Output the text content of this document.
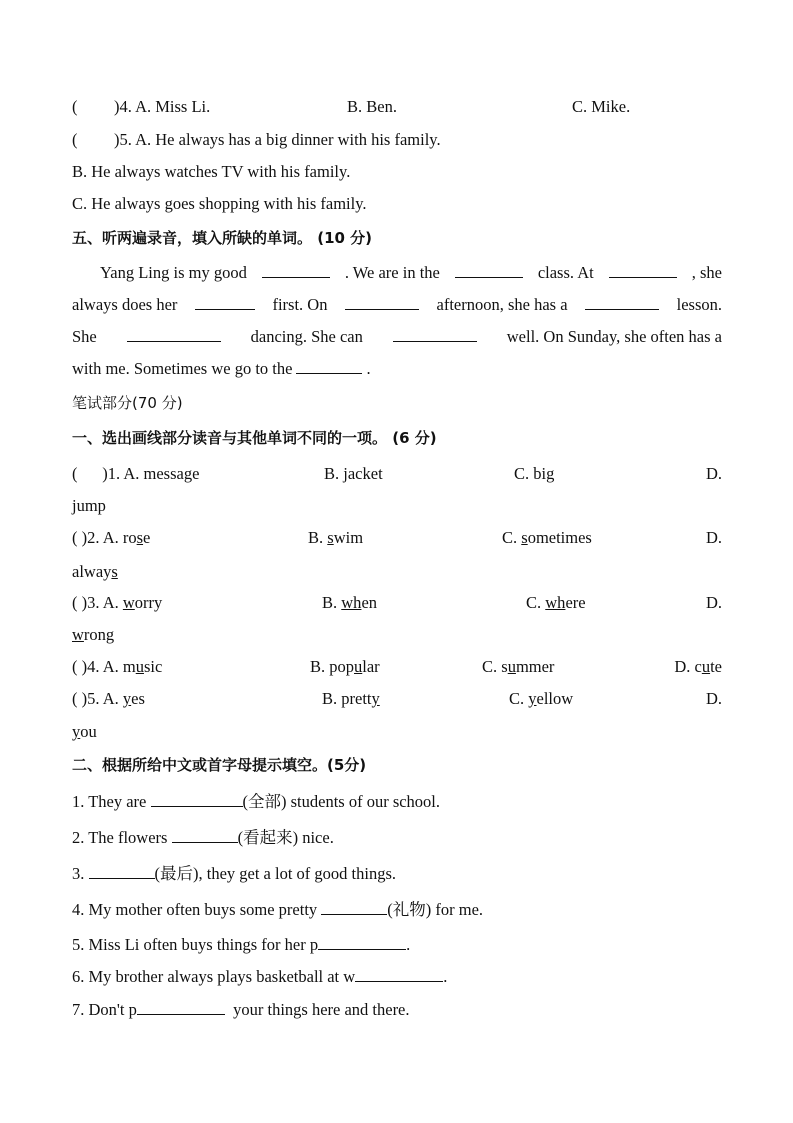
( )4. A. Miss Li.	B. Ben.	C. Mike.
( )5. A. He always has a big dinner with his family.
B. He always watches TV with his family.
C. He always goes shopping with his family.
五、听两遍录音，填入所缺的单词。 (10 分)
Yang Ling is my good	. We are in the	class. At	, she
always does her	first. On	afternoon, she has a	lesson.
She	dancing. She can	well. On Sunday, she often has a
with me. Sometimes we go to the	.
笔试部分(70 分)
一、选出画线部分读音与其他单词不同的一项。 (6 分)
(      )1. A. message	B. jacket	C. big	D.
jump
( )2. A. rose	B. swim	C. sometimes	D.
always
( )3. A. worry	B. when	C. where	D.
wrong
( )4. A. music	B. popular	C. summer	D. cute
( )5. A. yes	B. pretty	C. yellow	D.
you
二、根据所给中文或首字母提示填空。(5分)
1. They are	(全部) students of our school.
2. The flowers	(看起来) nice.
3.	(最后), they get a lot of good things.
4. My mother often buys some pretty	(礼物) for me.
5. Miss Li often buys things for her p	.
6. My brother always plays basketball at w	.
7. Don't p	your things here and there.
